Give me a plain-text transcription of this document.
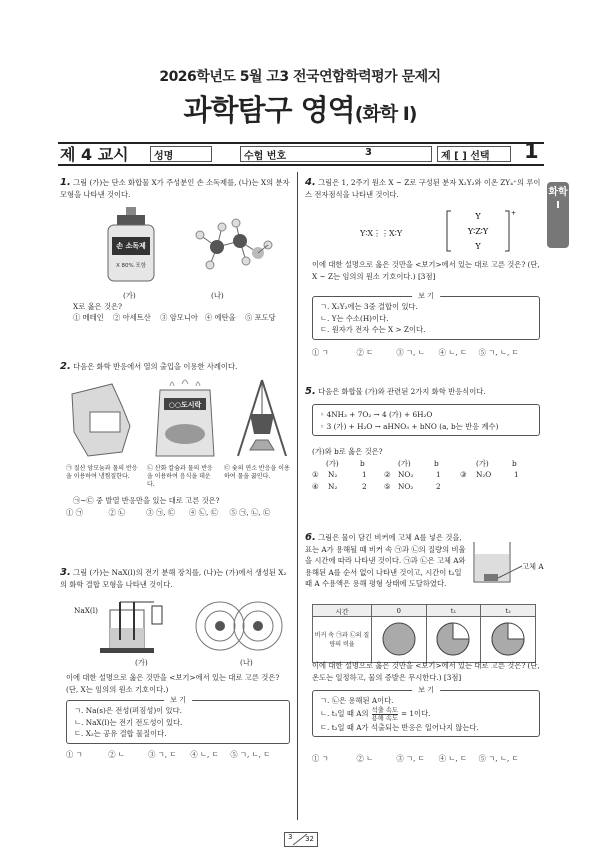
2026학년도 5월 고3 전국연합학력평가 문제지
과학탐구 영역(화학 I)
제 4 교시	성명	수험 번호	3	제 [ ] 선택 1
화학 I
1. 그림 (가)는 단소 화합물 X가 주성분인 손 소독제를, (나)는 X의 분자 모형을 나타낸 것이다.
손 소독제
X 80% 포함
(가)	(나)
X로 옳은 것은?
① 메테인 ② 아세트산 ③ 암모니아 ④ 에탄올 ⑤ 포도당
2. 다음은 화학 반응에서 열의 출입을 이용한 사례이다.
○○도시락
㉠ 질산 암모늄과 물의 반응을 이용하여 냉찜질한다.
㉡ 산화 칼슘과 물의 반응을 이용하여 음식을 데운다.
㉢ 숯의 연소 반응을 이용하여 물을 끓인다.
㉠~㉢ 중 발열 반응만을 있는 대로 고른 것은?
① ㉠	② ㉡	③ ㉠, ㉢ ④ ㉡, ㉢ ⑤ ㉠, ㉡, ㉢
3. 그림 (가)는 NaX(l)의 전기 분해 장치를, (나)는 (가)에서 생성된 X₂의 화학 결합 모형을 나타낸 것이다.
NaX(l)
(가)	(나)
이에 대한 설명으로 옳은 것만을 <보기>에서 있는 대로 고른 것은? (단, X는 임의의 원소 기호이다.)
보 기
ㄱ. Na(s)은 전성(펴짐성)이 있다.
ㄴ. NaX(l)는 전기 전도성이 있다.
ㄷ. X₂는 공유 결합 물질이다.
① ㄱ	② ㄴ	③ ㄱ, ㄷ ④ ㄴ, ㄷ ⑤ ㄱ, ㄴ, ㄷ
4. 그림은 1, 2주기 원소 X ~ Z로 구성된 분자 X₂Y₂와 이온 ZY₄⁺의 루이스 전자점식을 나타낸 것이다.
Y∶X⋮⋮X∶Y
+
Y
Y∶Z∶Y
Y
이에 대한 설명으로 옳은 것만을 <보기>에서 있는 대로 고른 것은? (단, X ~ Z는 임의의 원소 기호이다.) [3점]
보 기
ㄱ. X₂Y₂에는 3중 결합이 있다.
ㄴ. Y는 수소(H)이다.
ㄷ. 원자가 전자 수는 X > Z이다.
① ㄱ	② ㄷ	③ ㄱ, ㄴ ④ ㄴ, ㄷ ⑤ ㄱ, ㄴ, ㄷ
5. 다음은 화합물 (가)와 관련된 2가지 화학 반응식이다.
◦ 4NH₃ + 7O₂ → 4 (가) + 6H₂O
◦ 3 (가) + H₂O → aHNO₃ + bNO (a, b는 반응 계수)
(가)와 b로 옳은 것은?
(가)	b	(가)	b	(가)	b
① N₂	1 ② NO₂	1	③ N₂O	1
④ N₂	2 ⑤ NO₂	2
6. 그림은 물이 담긴 비커에 고체 A를 넣은 것을, 표는 A가 용해될 때 비커 속 ㉠과 ㉡의 질량의 비율을 시간에 따라 나타낸 것이다. ㉠과 ㉡은 고체 A와 용해된 A를 순서 없이 나타낸 것이고, 시간이 t₂일 때 A 수용액은 용해 평형 상태에 도달하였다.
고체 A
시간	0	t₁	t₂
비커 속 ㉠과 ㉡의 질량의 비율			
이에 대한 설명으로 옳은 것만을 <보기>에서 있는 대로 고른 것은? (단, 온도는 일정하고, 물의 증발은 무시한다.) [3점]
보 기
ㄱ. ㉡은 용해된 A이다.
ㄴ. t₁일 때 A의 석출 속도
용해 속도 = 1이다.
ㄷ. t₂일 때 A가 석출되는 반응은 일어나지 않는다.
① ㄱ	② ㄴ	③ ㄱ, ㄷ ④ ㄴ, ㄷ ⑤ ㄱ, ㄴ, ㄷ
3 32
